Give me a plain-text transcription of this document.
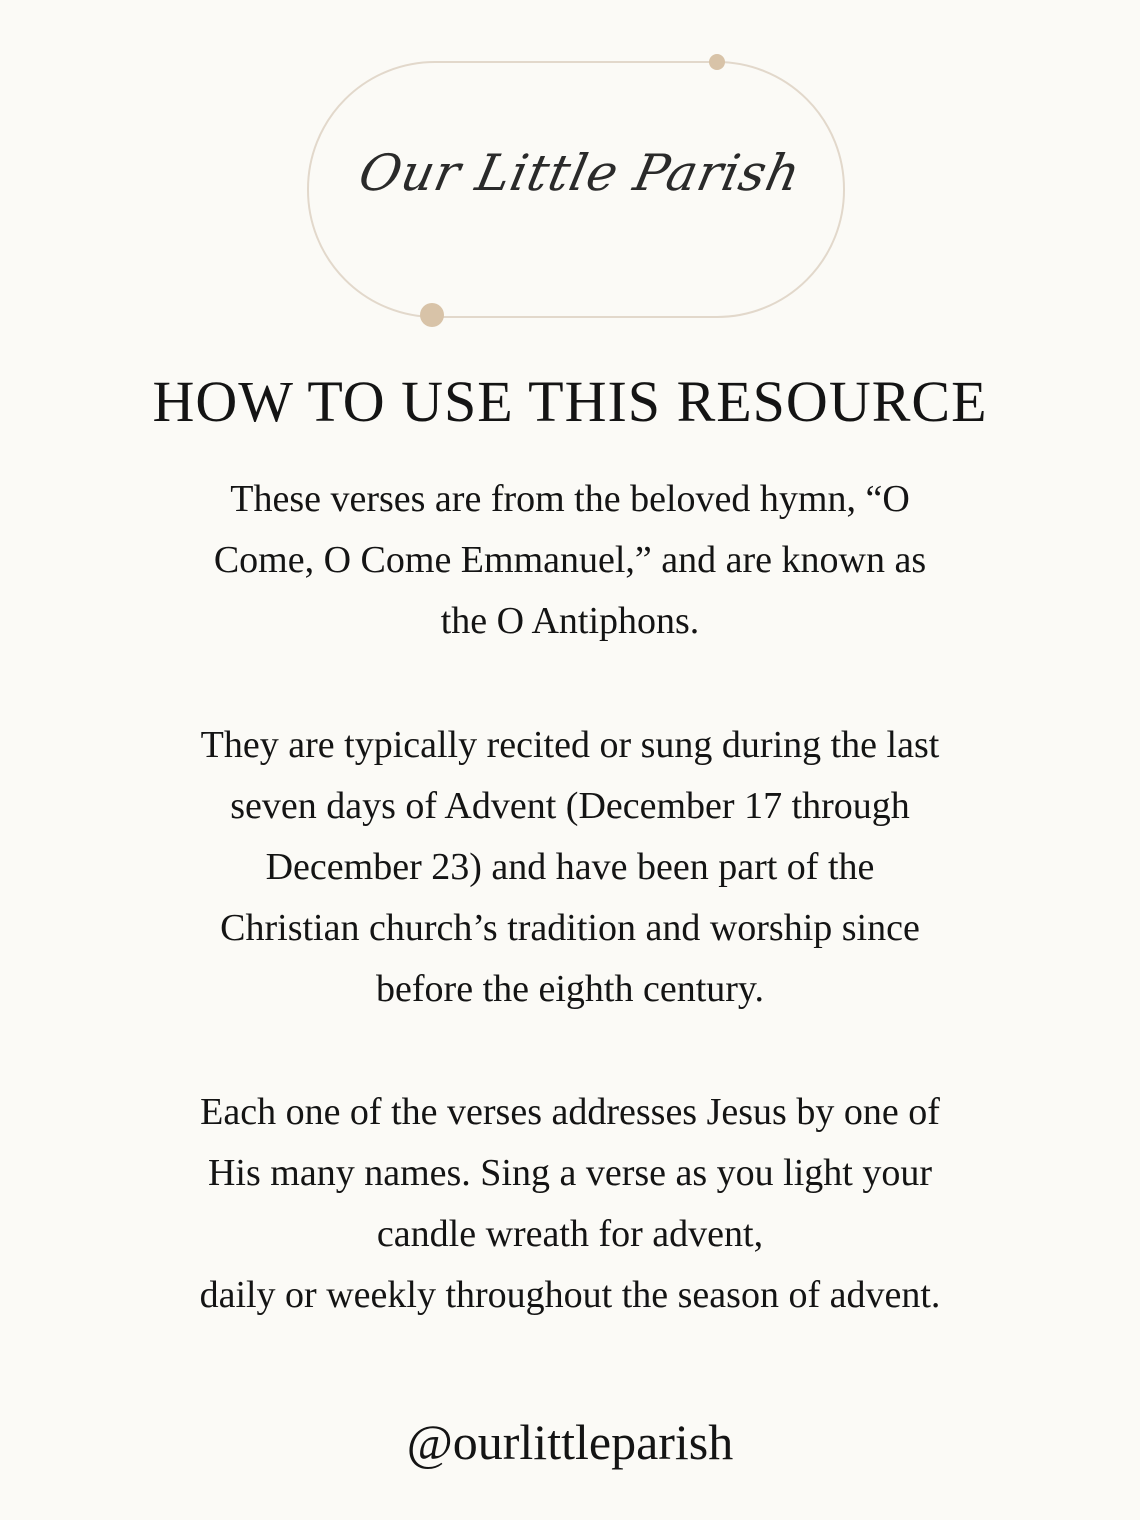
Our Little Parish
HOW TO USE THIS RESOURCE
These verses are from the beloved hymn, “O
Come, O Come Emmanuel,” and are known as
the O Antiphons.
They are typically recited or sung during the last
seven days of Advent (December 17 through
December 23) and have been part of the
Christian church’s tradition and worship since
before the eighth century.
Each one of the verses addresses Jesus by one of
His many names. Sing a verse as you light your
candle wreath for advent,
daily or weekly throughout the season of advent.

@ourlittleparish
